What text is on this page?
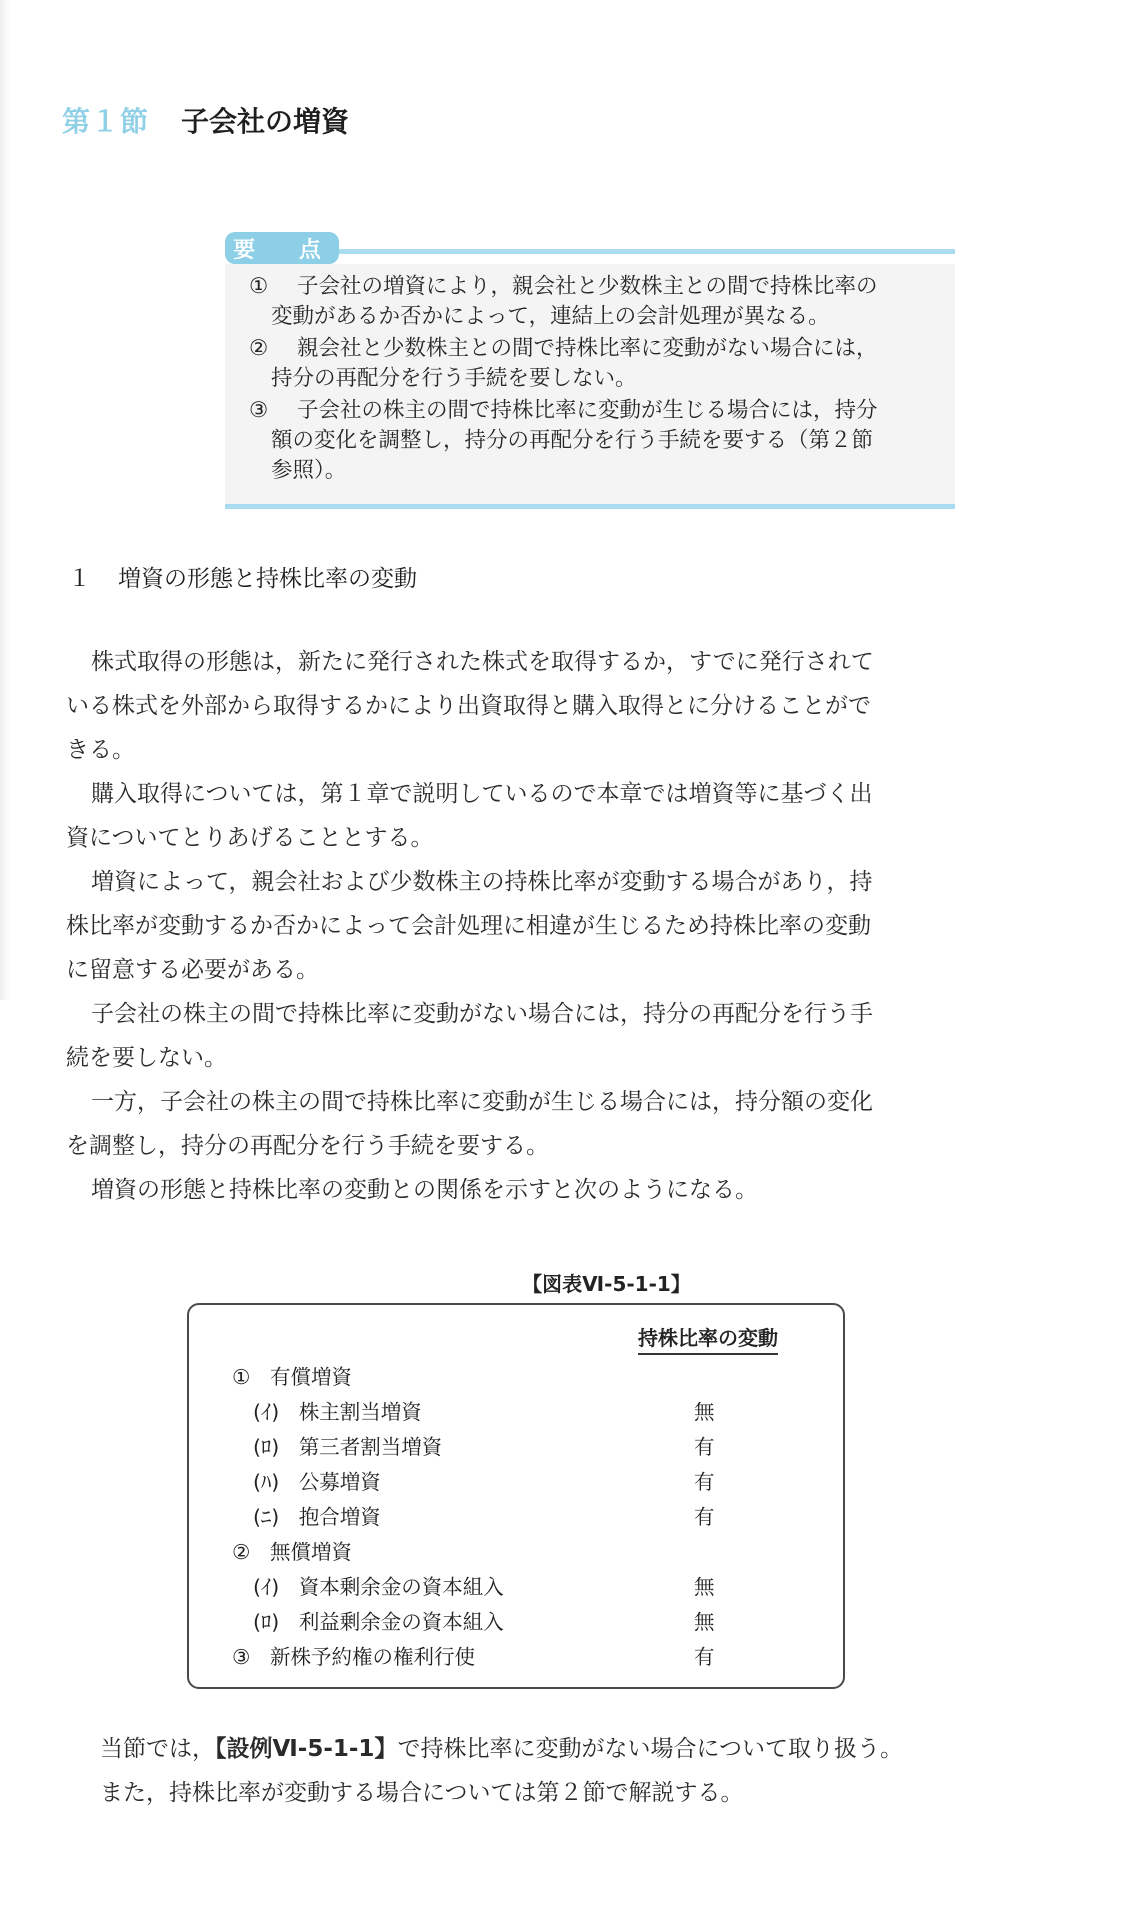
第１節 子会社の増資
要 点
①	子会社の増資により，親会社と少数株主との間で持株比率の
変動があるか否かによって，連結上の会計処理が異なる。
②	親会社と少数株主との間で持株比率に変動がない場合には，
持分の再配分を行う手続を要しない。
③	子会社の株主の間で持株比率に変動が生じる場合には，持分
額の変化を調整し，持分の再配分を行う手続を要する（第２節
参照）。
１ 増資の形態と持株比率の変動
株式取得の形態は，新たに発行された株式を取得するか，すでに発行されて
いる株式を外部から取得するかにより出資取得と購入取得とに分けることがで
きる。
購入取得については，第１章で説明しているので本章では増資等に基づく出
資についてとりあげることとする。
増資によって，親会社および少数株主の持株比率が変動する場合があり，持
株比率が変動するか否かによって会計処理に相違が生じるため持株比率の変動
に留意する必要がある。
子会社の株主の間で持株比率に変動がない場合には，持分の再配分を行う手
続を要しない。
一方，子会社の株主の間で持株比率に変動が生じる場合には，持分額の変化
を調整し，持分の再配分を行う手続を要する。
増資の形態と持株比率の変動との関係を示すと次のようになる。
【図表Ⅵ-5-1-1】
持株比率の変動
① 有償増資
(ｲ) 株主割当増資	無
(ﾛ) 第三者割当増資	有
(ﾊ) 公募増資	有
(ﾆ) 抱合増資	有
② 無償増資
(ｲ) 資本剰余金の資本組入	無
(ﾛ) 利益剰余金の資本組入	無
③ 新株予約権の権利行使	有
当節では，【設例Ⅵ-5-1-1】で持株比率に変動がない場合について取り扱う。
また，持株比率が変動する場合については第２節で解説する。
